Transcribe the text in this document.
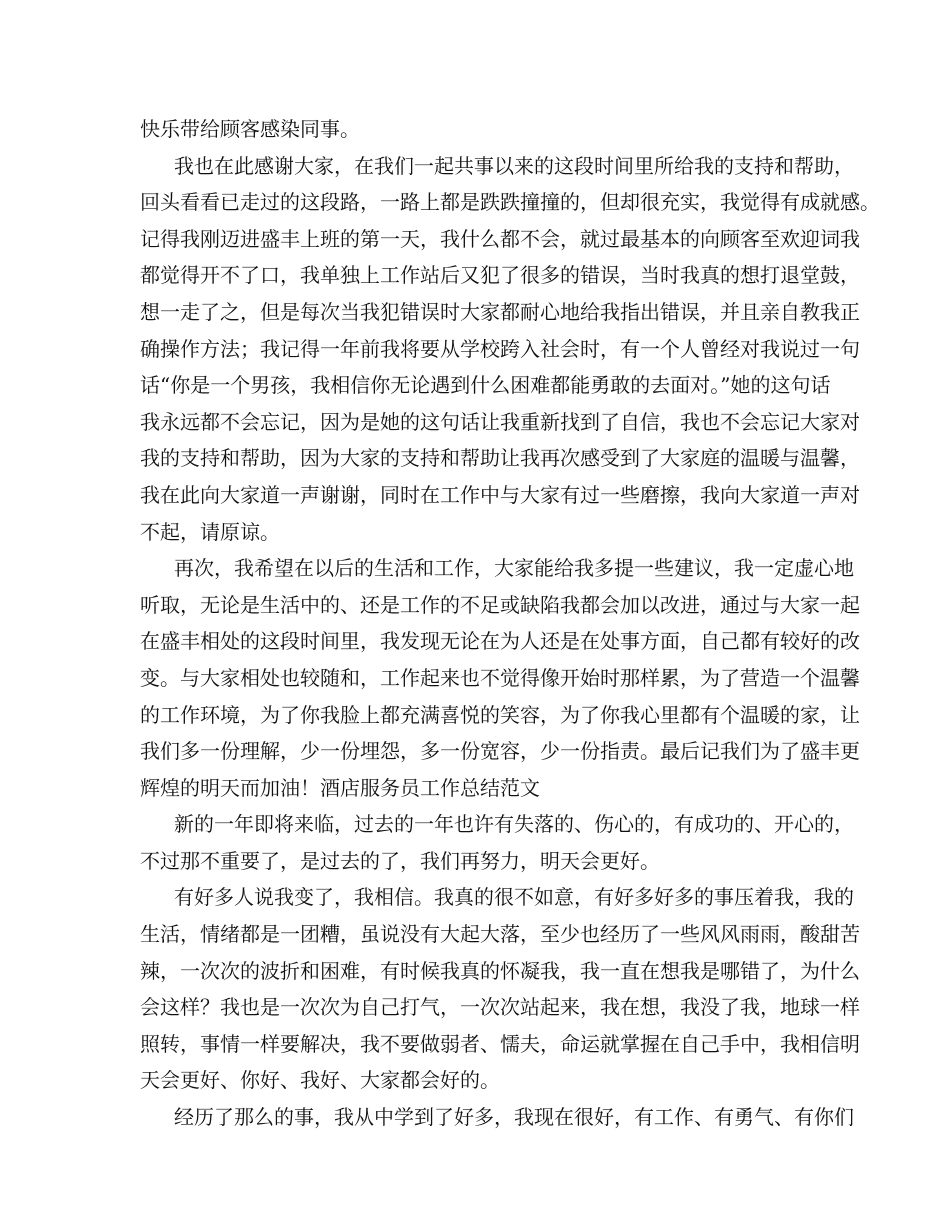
快乐带给顾客感染同事。
我也在此感谢大家，在我们一起共事以来的这段时间里所给我的支持和帮助，
回头看看已走过的这段路，一路上都是跌跌撞撞的，但却很充实，我觉得有成就感。
记得我刚迈进盛丰上班的第一天，我什么都不会，就过最基本的向顾客至欢迎词我
都觉得开不了口，我单独上工作站后又犯了很多的错误，当时我真的想打退堂鼓，
想一走了之，但是每次当我犯错误时大家都耐心地给我指出错误，并且亲自教我正
确操作方法；我记得一年前我将要从学校跨入社会时，有一个人曾经对我说过一句
话“你是一个男孩，我相信你无论遇到什么困难都能勇敢的去面对。”她的这句话
我永远都不会忘记，因为是她的这句话让我重新找到了自信，我也不会忘记大家对
我的支持和帮助，因为大家的支持和帮助让我再次感受到了大家庭的温暖与温馨，
我在此向大家道一声谢谢，同时在工作中与大家有过一些磨擦，我向大家道一声对
不起，请原谅。
再次，我希望在以后的生活和工作，大家能给我多提一些建议，我一定虚心地
听取，无论是生活中的、还是工作的不足或缺陷我都会加以改进，通过与大家一起
在盛丰相处的这段时间里，我发现无论在为人还是在处事方面，自己都有较好的改
变。与大家相处也较随和，工作起来也不觉得像开始时那样累，为了营造一个温馨
的工作环境，为了你我脸上都充满喜悦的笑容，为了你我心里都有个温暖的家，让
我们多一份理解，少一份埋怨，多一份宽容，少一份指责。最后记我们为了盛丰更
辉煌的明天而加油！酒店服务员工作总结范文
新的一年即将来临，过去的一年也许有失落的、伤心的，有成功的、开心的，
不过那不重要了，是过去的了，我们再努力，明天会更好。
有好多人说我变了，我相信。我真的很不如意，有好多好多的事压着我，我的
生活，情绪都是一团糟，虽说没有大起大落，至少也经历了一些风风雨雨，酸甜苦
辣，一次次的波折和困难，有时候我真的怀凝我，我一直在想我是哪错了，为什么
会这样？我也是一次次为自己打气，一次次站起来，我在想，我没了我，地球一样
照转，事情一样要解决，我不要做弱者、懦夫，命运就掌握在自己手中，我相信明
天会更好、你好、我好、大家都会好的。
经历了那么的事，我从中学到了好多，我现在很好，有工作、有勇气、有你们
